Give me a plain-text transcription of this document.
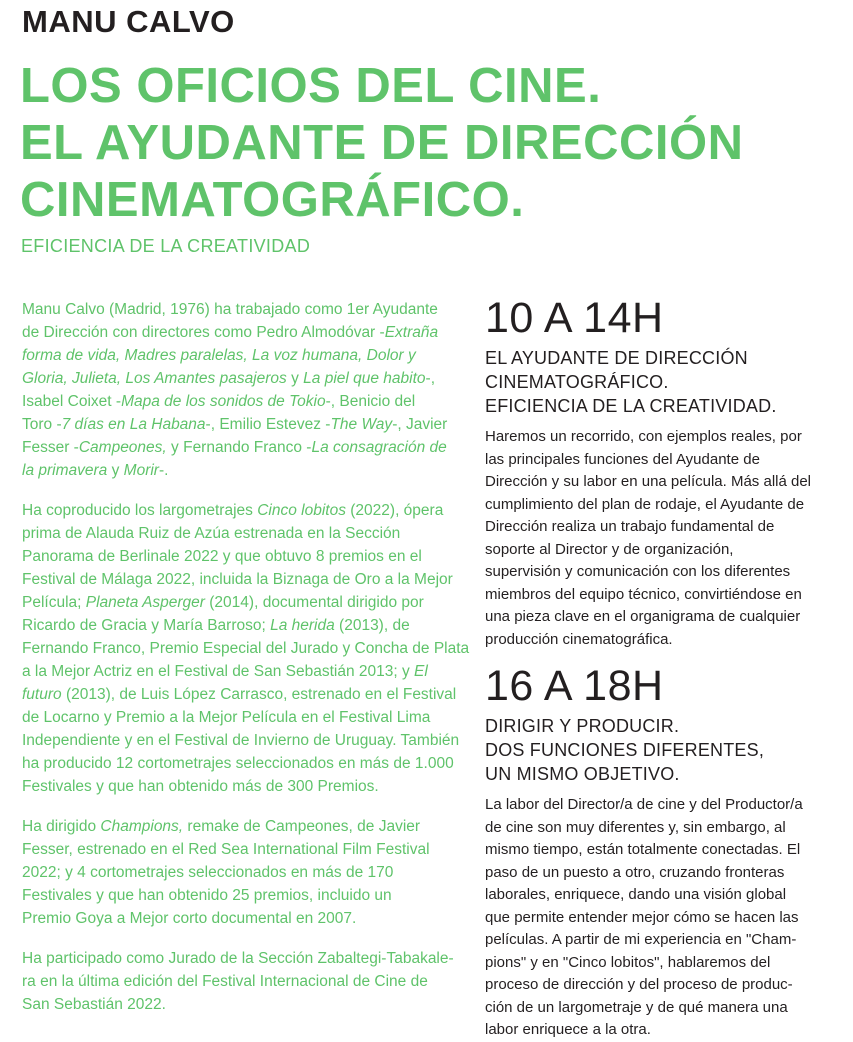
MANU CALVO
LOS OFICIOS DEL CINE.
EL AYUDANTE DE DIRECCIÓN
CINEMATOGRÁFICO.
EFICIENCIA DE LA CREATIVIDAD

Manu Calvo (Madrid, 1976) ha trabajado como 1er Ayudante
de Dirección con directores como Pedro Almodóvar -Extraña
forma de vida, Madres paralelas, La voz humana, Dolor y
Gloria, Julieta, Los Amantes pasajeros y La piel que habito-,
Isabel Coixet -Mapa de los sonidos de Tokio-, Benicio del
Toro -7 días en La Habana-, Emilio Estevez -The Way-, Javier
Fesser -Campeones, y Fernando Franco -La consagración de
la primavera y Morir-.

Ha coproducido los largometrajes Cinco lobitos (2022), ópera
prima de Alauda Ruiz de Azúa estrenada en la Sección
Panorama de Berlinale 2022 y que obtuvo 8 premios en el
Festival de Málaga 2022, incluida la Biznaga de Oro a la Mejor
Película; Planeta Asperger (2014), documental dirigido por
Ricardo de Gracia y María Barroso; La herida (2013), de
Fernando Franco, Premio Especial del Jurado y Concha de Plata
a la Mejor Actriz en el Festival de San Sebastián 2013; y El
futuro (2013), de Luis López Carrasco, estrenado en el Festival
de Locarno y Premio a la Mejor Película en el Festival Lima
Independiente y en el Festival de Invierno de Uruguay. También
ha producido 12 cortometrajes seleccionados en más de 1.000
Festivales y que han obtenido más de 300 Premios.

Ha dirigido Champions, remake de Campeones, de Javier
Fesser, estrenado en el Red Sea International Film Festival
2022; y 4 cortometrajes seleccionados en más de 170
Festivales y que han obtenido 25 premios, incluido un
Premio Goya a Mejor corto documental en 2007.

Ha participado como Jurado de la Sección Zabaltegi-Tabakale-
ra en la última edición del Festival Internacional de Cine de
San Sebastián 2022.

10 A 14H
EL AYUDANTE DE DIRECCIÓN
CINEMATOGRÁFICO.
EFICIENCIA DE LA CREATIVIDAD.

Haremos un recorrido, con ejemplos reales, por
las principales funciones del Ayudante de
Dirección y su labor en una película. Más allá del
cumplimiento del plan de rodaje, el Ayudante de
Dirección realiza un trabajo fundamental de
soporte al Director y de organización,
supervisión y comunicación con los diferentes
miembros del equipo técnico, convirtiéndose en
una pieza clave en el organigrama de cualquier
producción cinematográfica.

16 A 18H
DIRIGIR Y PRODUCIR.
DOS FUNCIONES DIFERENTES,
UN MISMO OBJETIVO.

La labor del Director/a de cine y del Productor/a
de cine son muy diferentes y, sin embargo, al
mismo tiempo, están totalmente conectadas. El
paso de un puesto a otro, cruzando fronteras
laborales, enriquece, dando una visión global
que permite entender mejor cómo se hacen las
películas. A partir de mi experiencia en "Cham-
pions" y en "Cinco lobitos", hablaremos del
proceso de dirección y del proceso de produc-
ción de un largometraje y de qué manera una
labor enriquece a la otra.
